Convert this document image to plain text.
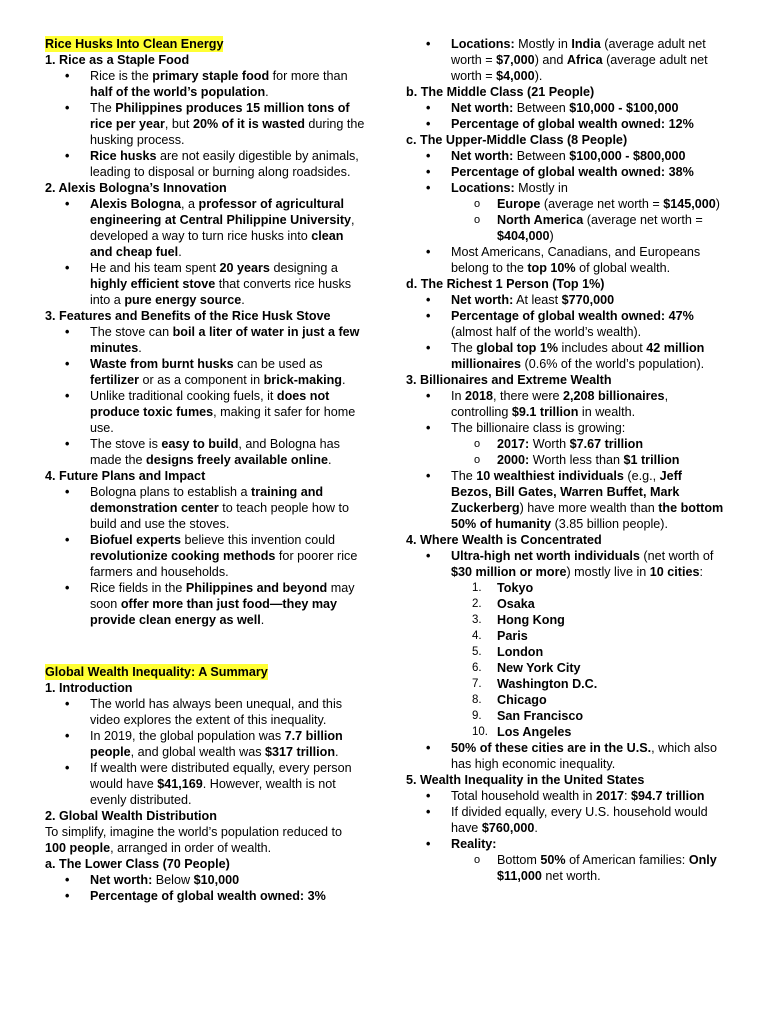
Rice Husks Into Clean Energy
1. Rice as a Staple Food
• Rice is the primary staple food for more than half of the world’s population.
• The Philippines produces 15 million tons of rice per year, but 20% of it is wasted during the husking process.
• Rice husks are not easily digestible by animals, leading to disposal or burning along roadsides.
2. Alexis Bologna’s Innovation
• Alexis Bologna, a professor of agricultural engineering at Central Philippine University, developed a way to turn rice husks into clean and cheap fuel.
• He and his team spent 20 years designing a highly efficient stove that converts rice husks into a pure energy source.
3. Features and Benefits of the Rice Husk Stove
• The stove can boil a liter of water in just a few minutes.
• Waste from burnt husks can be used as fertilizer or as a component in brick-making.
• Unlike traditional cooking fuels, it does not produce toxic fumes, making it safer for home use.
• The stove is easy to build, and Bologna has made the designs freely available online.
4. Future Plans and Impact
• Bologna plans to establish a training and demonstration center to teach people how to build and use the stoves.
• Biofuel experts believe this invention could revolutionize cooking methods for poorer rice farmers and households.
• Rice fields in the Philippines and beyond may soon offer more than just food—they may provide clean energy as well.
Global Wealth Inequality: A Summary
1. Introduction
• The world has always been unequal, and this video explores the extent of this inequality.
• In 2019, the global population was 7.7 billion people, and global wealth was $317 trillion.
• If wealth were distributed equally, every person would have $41,169. However, wealth is not evenly distributed.
2. Global Wealth Distribution

To simplify, imagine the world’s population reduced to 100 people, arranged in order of wealth.

a. The Lower Class (70 People)
• Net worth: Below $10,000
• Percentage of global wealth owned: 3%
• Locations: Mostly in India (average adult net worth = $7,000) and Africa (average adult net worth = $4,000).
b. The Middle Class (21 People)
• Net worth: Between $10,000 - $100,000
• Percentage of global wealth owned: 12%
c. The Upper-Middle Class (8 People)
• Net worth: Between $100,000 - $800,000
• Percentage of global wealth owned: 38%
• Locations: Mostly in
o Europe (average net worth = $145,000)
o North America (average net worth = $404,000)
• Most Americans, Canadians, and Europeans belong to the top 10% of global wealth.
d. The Richest 1 Person (Top 1%)
• Net worth: At least $770,000
• Percentage of global wealth owned: 47% (almost half of the world’s wealth).
• The global top 1% includes about 42 million millionaires (0.6% of the world’s population).
3. Billionaires and Extreme Wealth
• In 2018, there were 2,208 billionaires, controlling $9.1 trillion in wealth.
• The billionaire class is growing:
o 2017: Worth $7.67 trillion
o 2000: Worth less than $1 trillion
• The 10 wealthiest individuals (e.g., Jeff Bezos, Bill Gates, Warren Buffet, Mark Zuckerberg) have more wealth than the bottom 50% of humanity (3.85 billion people).
4. Where Wealth is Concentrated
• Ultra-high net worth individuals (net worth of $30 million or more) mostly live in 10 cities:
1. Tokyo
2. Osaka
3. Hong Kong
4. Paris
5. London
6. New York City
7. Washington D.C.
8. Chicago
9. San Francisco
10. Los Angeles
• 50% of these cities are in the U.S., which also has high economic inequality.
5. Wealth Inequality in the United States
• Total household wealth in 2017: $94.7 trillion
• If divided equally, every U.S. household would have $760,000.
• Reality:
o Bottom 50% of American families: Only $11,000 net worth.
